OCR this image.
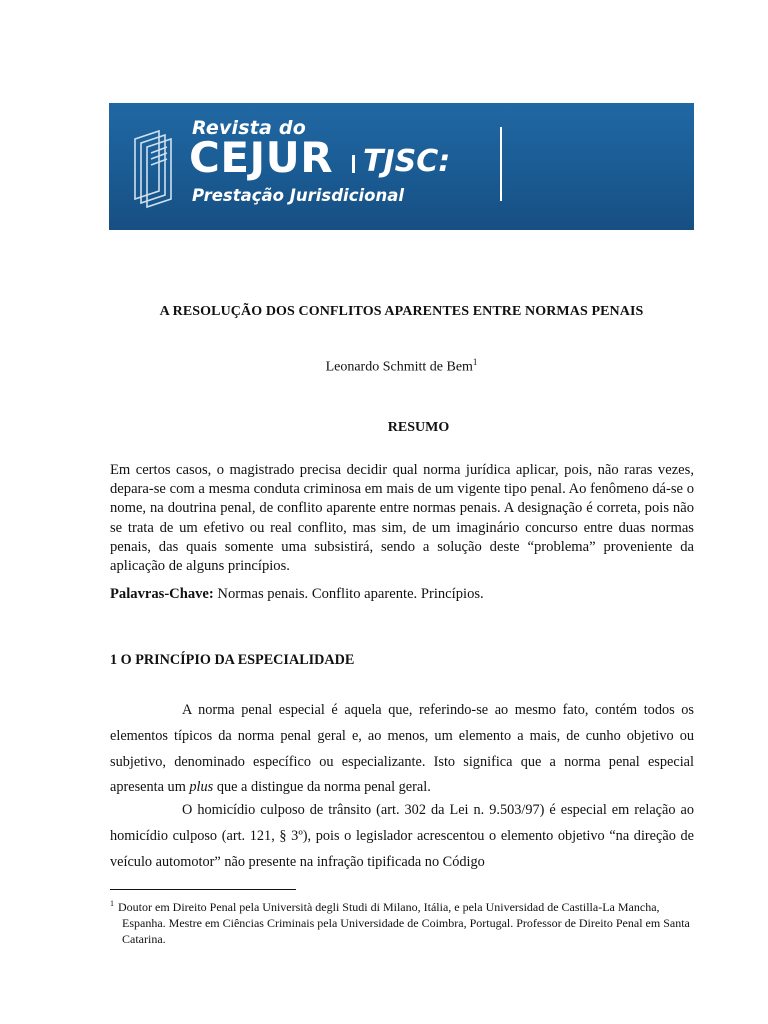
Revista do
CEJUR TJSC:
Prestação Jurisdicional
A RESOLUÇÃO DOS CONFLITOS APARENTES ENTRE NORMAS PENAIS
Leonardo Schmitt de Bem$^1$
RESUMO

Em certos casos, o magistrado precisa decidir qual norma jurídica aplicar, pois, não raras vezes, depara-se com a mesma conduta criminosa em mais de um vigente tipo penal. Ao fenômeno dá-se o nome, na doutrina penal, de conflito aparente entre normas penais. A designação é correta, pois não se trata de um efetivo ou real conflito, mas sim, de um imaginário concurso entre duas normas penais, das quais somente uma subsistirá, sendo a solução deste “problema” proveniente da aplicação de alguns princípios.

Palavras-Chave: Normas penais. Conflito aparente. Princípios.

1 O PRINCÍPIO DA ESPECIALIDADE

A norma penal especial é aquela que, referindo-se ao mesmo fato, contém todos os elementos típicos da norma penal geral e, ao menos, um elemento a mais, de cunho objetivo ou subjetivo, denominado específico ou especializante. Isto significa que a norma penal especial apresenta um plus que a distingue da norma penal geral.

O homicídio culposo de trânsito (art. 302 da Lei n. 9.503/97) é especial em relação ao homicídio culposo (art. 121, § 3º), pois o legislador acrescentou o elemento objetivo “na direção de veículo automotor” não presente na infração tipificada no Código

$^1$ Doutor em Direito Penal pela Università degli Studi di Milano, Itália, e pela Universidad de Castilla-La Mancha, Espanha. Mestre em Ciências Criminais pela Universidade de Coimbra, Portugal. Professor de Direito Penal em Santa Catarina.
